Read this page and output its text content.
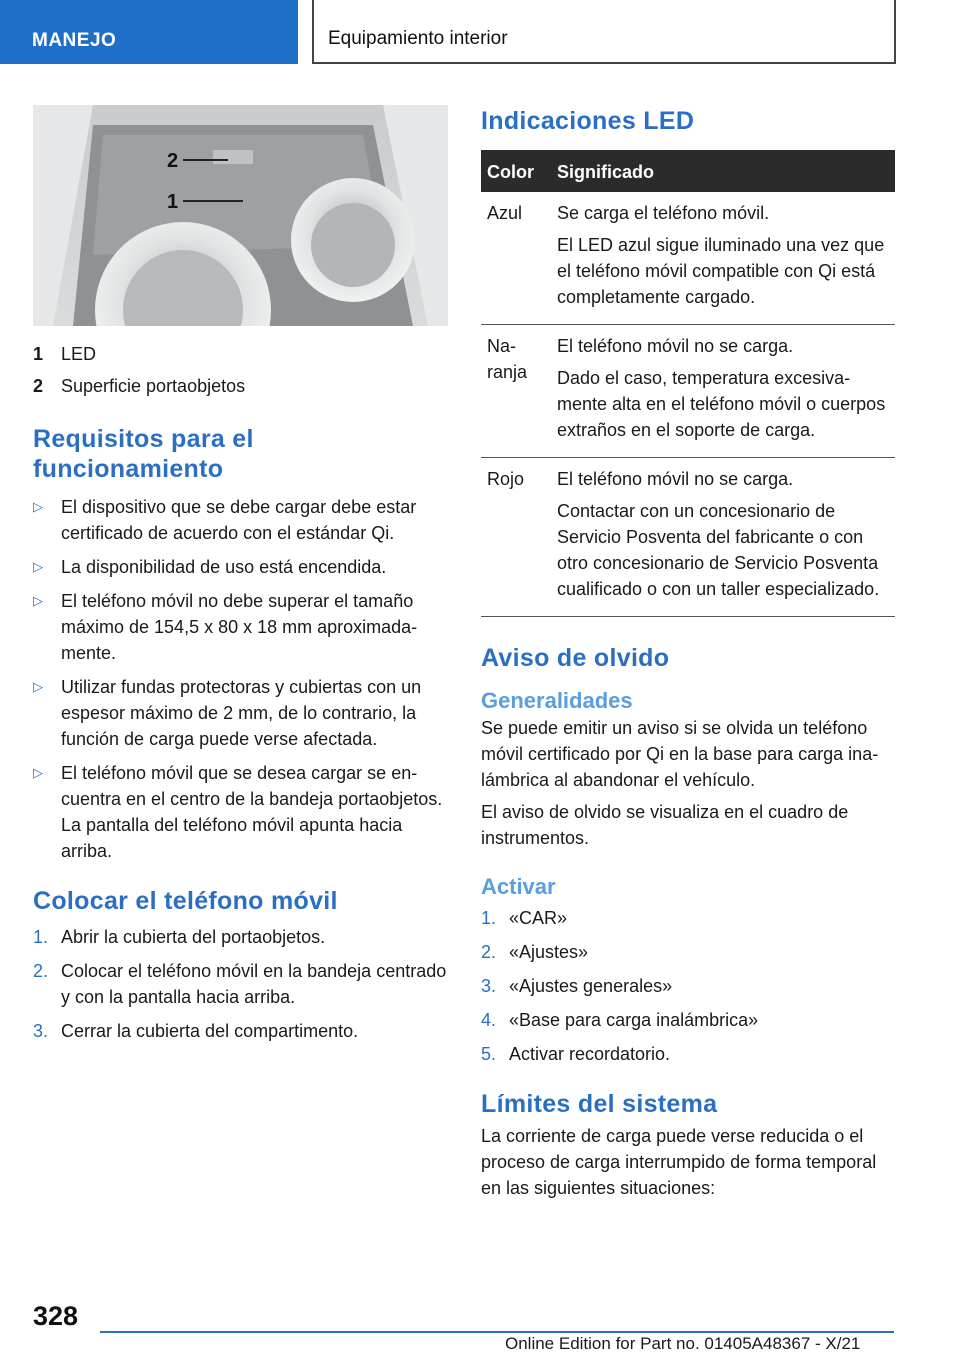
MANEJO	Equipamiento interior
2
1
1 LED
2 Superficie portaobjetos
Requisitos para el funcionamiento
▷ El dispositivo que se debe cargar debe estar certificado de acuerdo con el estándar Qi.
▷ La disponibilidad de uso está encendida.
▷ El teléfono móvil no debe superar el tamaño máximo de 154,5 x 80 x 18 mm aproximadamente.
▷ Utilizar fundas protectoras y cubiertas con un espesor máximo de 2 mm, de lo contrario, la función de carga puede verse afectada.
▷ El teléfono móvil que se desea cargar se encuentra en el centro de la bandeja portaobjetos. La pantalla del teléfono móvil apunta hacia arriba.
Colocar el teléfono móvil
1. Abrir la cubierta del portaobjetos.
2. Colocar el teléfono móvil en la bandeja centrado y con la pantalla hacia arriba.
3. Cerrar la cubierta del compartimento.
Indicaciones LED
Color	Significado
Azul	Se carga el teléfono móvil.

El LED azul sigue iluminado una vez que el teléfono móvil compatible con Qi está completamente cargado.

Naranja	El teléfono móvil no se carga.

Dado el caso, temperatura excesivamente alta en el teléfono móvil o cuerpos extraños en el soporte de carga.

Rojo	El teléfono móvil no se carga.

Contactar con un concesionario de Servicio Posventa del fabricante o con otro concesionario de Servicio Posventa cualificado o con un taller especializado.

Aviso de olvido
Generalidades

Se puede emitir un aviso si se olvida un teléfono móvil certificado por Qi en la base para carga inalámbrica al abandonar el vehículo.

El aviso de olvido se visualiza en el cuadro de instrumentos.

Activar
1. «CAR»
2. «Ajustes»
3. «Ajustes generales»
4. «Base para carga inalámbrica»
5. Activar recordatorio.
Límites del sistema

La corriente de carga puede verse reducida o el proceso de carga interrumpido de forma temporal en las siguientes situaciones:

328
Online Edition for Part no. 01405A48367 - X/21
